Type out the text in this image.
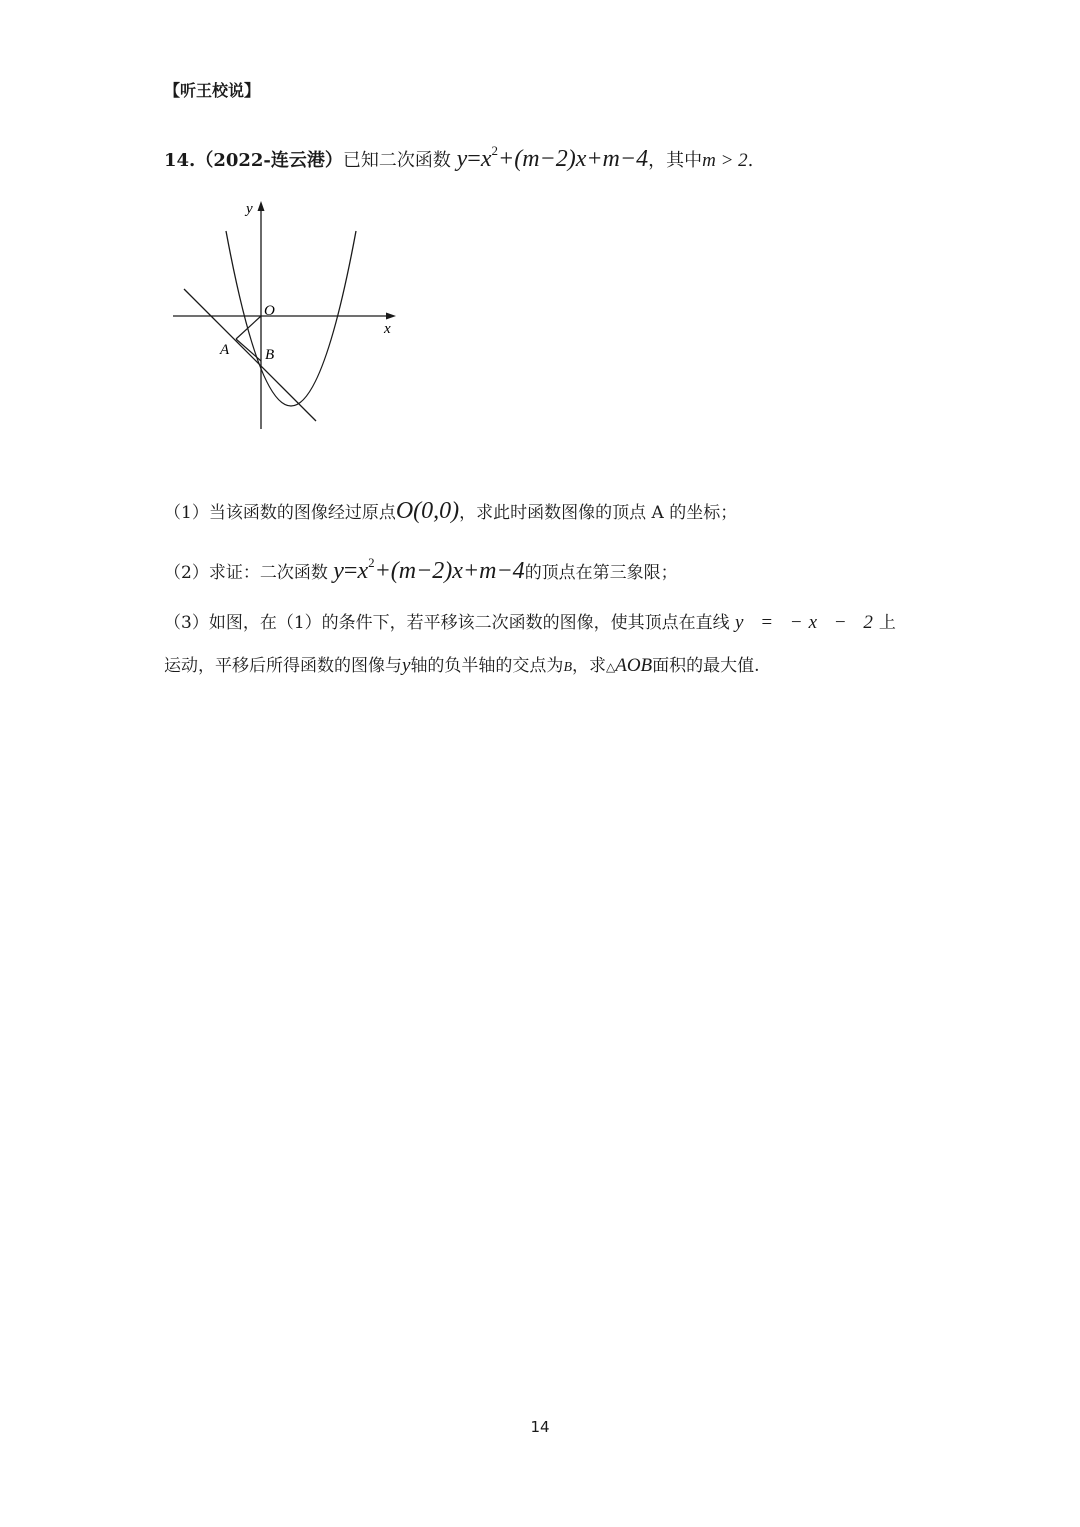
【听王校说】
14.（2022-连云港）已知二次函数 $y=x^2+(m-2)x+m-4$，其中m > 2.
y
x
O
A B
（1）当该函数的图像经过原点O(0,0)，求此时函数图像的顶点 A 的坐标；
（2）求证：二次函数 $y=x^2+(m-2)x+m-4$的顶点在第三象限；
（3）如图，在（1）的条件下，若平移该二次函数的图像，使其顶点在直线 y = −x − 2上
运动，平移后所得函数的图像与y轴的负半轴的交点为B，求△AOB面积的最大值.
14
